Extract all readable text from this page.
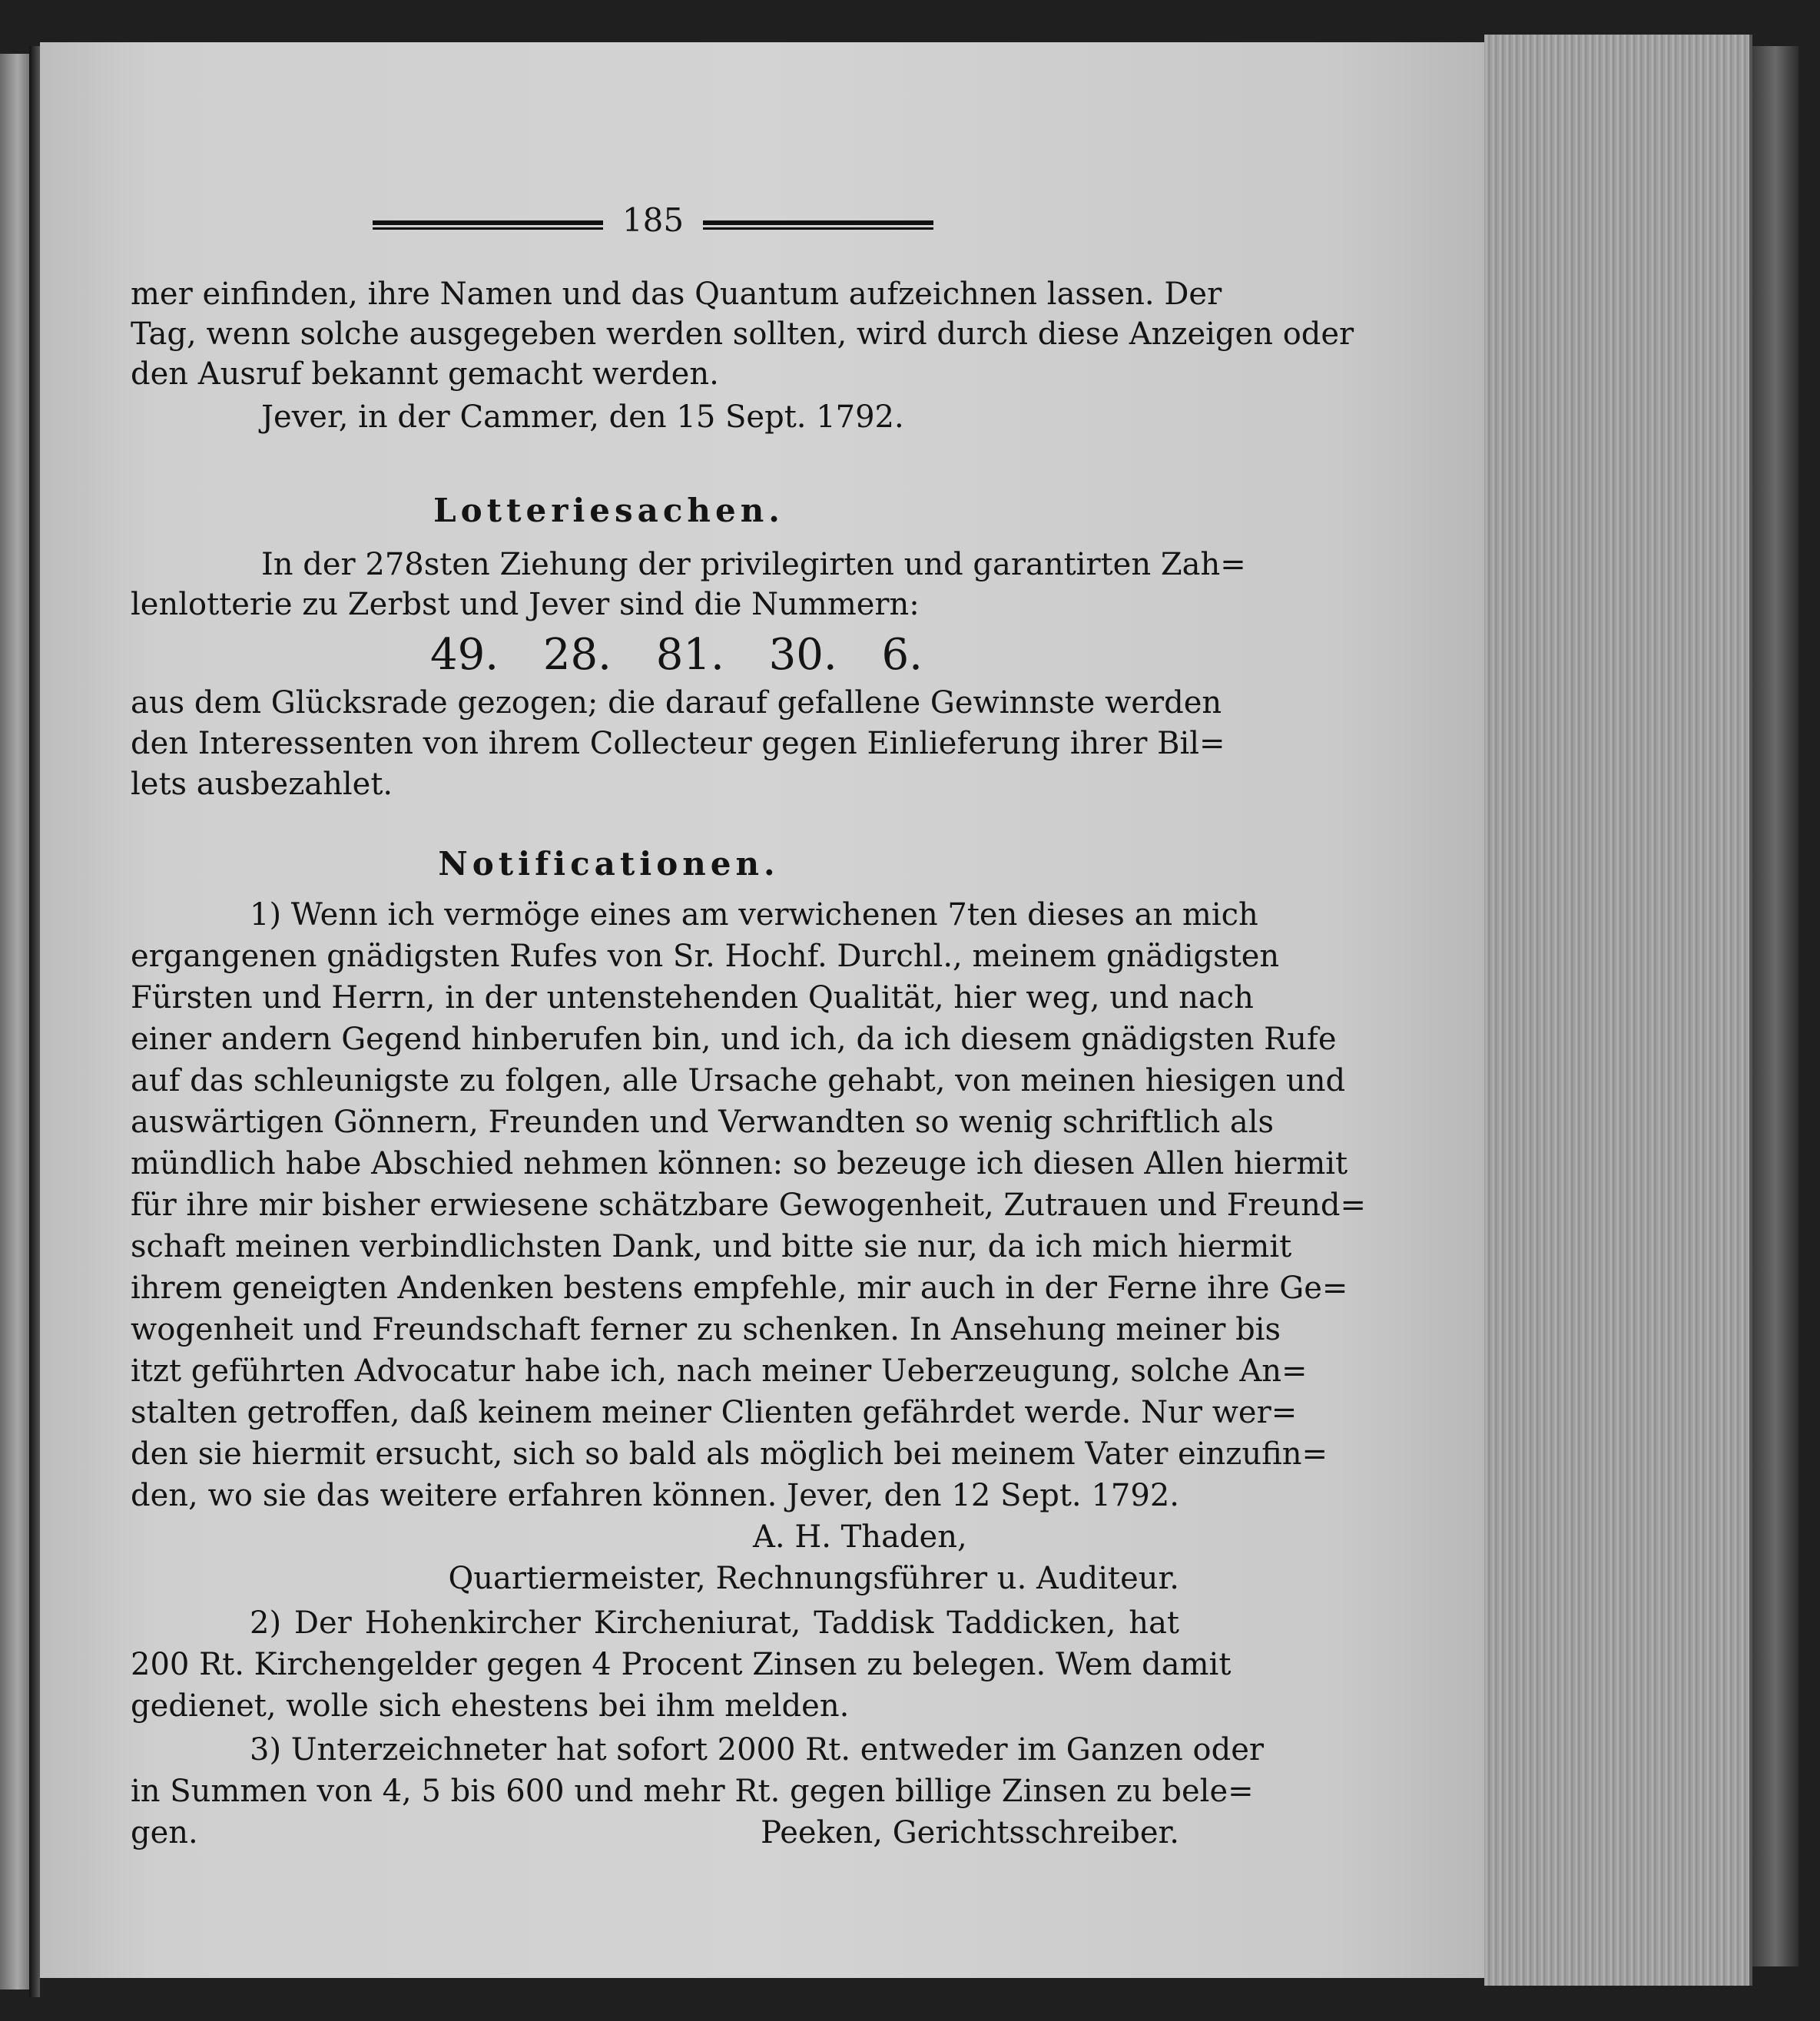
185
mer einfinden, ihre Namen und das Quantum aufzeichnen lassen. Der
Tag, wenn solche ausgegeben werden sollten, wird durch diese Anzeigen oder
den Ausruf bekannt gemacht werden.
Jever, in der Cammer, den 15 Sept. 1792.
Lotteriesachen.
In der 278sten Ziehung der privilegirten und garantirten Zah=
lenlotterie zu Zerbst und Jever sind die Nummern:
49. 28. 81. 30. 6.
aus dem Glücksrade gezogen; die darauf gefallene Gewinnste werden
den Interessenten von ihrem Collecteur gegen Einlieferung ihrer Bil=
lets ausbezahlet.
Notificationen.
1) Wenn ich vermöge eines am verwichenen 7ten dieses an mich
ergangenen gnädigsten Rufes von Sr. Hochf. Durchl., meinem gnädigsten
Fürsten und Herrn, in der untenstehenden Qualität, hier weg, und nach
einer andern Gegend hinberufen bin, und ich, da ich diesem gnädigsten Rufe
auf das schleunigste zu folgen, alle Ursache gehabt, von meinen hiesigen und
auswärtigen Gönnern, Freunden und Verwandten so wenig schriftlich als
mündlich habe Abschied nehmen können: so bezeuge ich diesen Allen hiermit
für ihre mir bisher erwiesene schätzbare Gewogenheit, Zutrauen und Freund=
schaft meinen verbindlichsten Dank, und bitte sie nur, da ich mich hiermit
ihrem geneigten Andenken bestens empfehle, mir auch in der Ferne ihre Ge=
wogenheit und Freundschaft ferner zu schenken. In Ansehung meiner bis
itzt geführten Advocatur habe ich, nach meiner Ueberzeugung, solche An=
stalten getroffen, daß keinem meiner Clienten gefährdet werde. Nur wer=
den sie hiermit ersucht, sich so bald als möglich bei meinem Vater einzufin=
den, wo sie das weitere erfahren können. Jever, den 12 Sept. 1792.
A. H. Thaden,
Quartiermeister, Rechnungsführer u. Auditeur.
2) Der Hohenkircher Kircheniurat, Taddisk Taddicken, hat
200 Rt. Kirchengelder gegen 4 Procent Zinsen zu belegen. Wem damit
gedienet, wolle sich ehestens bei ihm melden.
3) Unterzeichneter hat sofort 2000 Rt. entweder im Ganzen oder
in Summen von 4, 5 bis 600 und mehr Rt. gegen billige Zinsen zu bele=
gen.	Peeken, Gerichtsschreiber.
